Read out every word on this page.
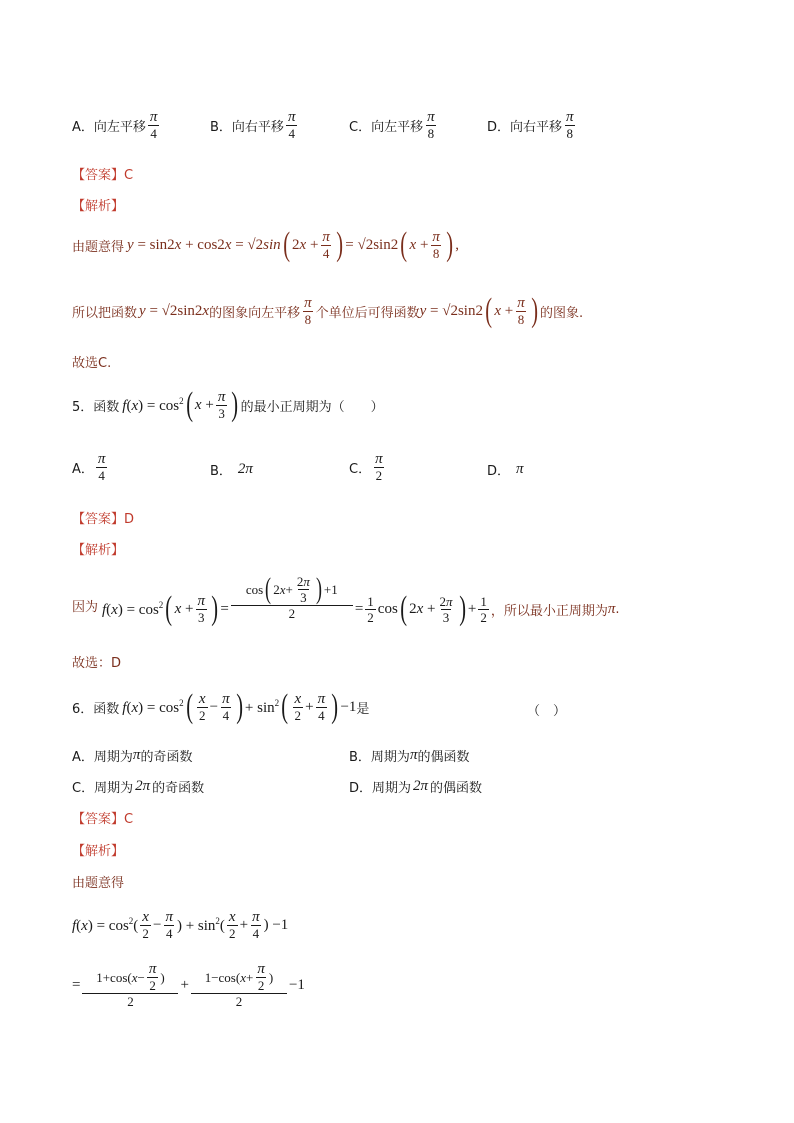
A． 向左平移 $\frac{\pi}{4}$	B． 向右平移 $\frac{\pi}{4}$	C． 向左平移 $\frac{\pi}{8}$	D． 向右平移 $\frac{\pi}{8}$
【答案】C
【解析】
由题意得 y = sin2x + cos2x = √2sin ( $2x + \frac{\pi}{4}$ ) = √2sin2 ( $x + \frac{\pi}{8}$ ) ,
所以把函数 y = √2sin2x 的图象向左平移 $\frac{\pi}{8}$ 个单位后可得函数 y = √2sin2 ( $x + \frac{\pi}{8}$ ) 的图象.
故选C.
5． 函数 $f(x) = \cos^2$ ( $x + \frac{\pi}{3}$ ) 的最小正周期为（　　）
A． $\frac{\pi}{4}$	B． 2π	C． $\frac{\pi}{2}$	D． π
【答案】D
【解析】
因为 $f(x) = \cos^2$ ( $x + \frac{\pi}{3}$ ) = $\frac{\cos ( 2 x + \frac{2\pi}{3} ) +1}{2} = \frac{1}{2}$ cos ( $2x + \frac{2\pi}{3}$ ) + $\frac{1}{2}$ ，所以最小正周期为 π .
故选：D
6． 函数 $f(x) = \cos^2$ ( $\frac{x}{2} - \frac{\pi}{4}$ ) + $\sin^2$ ( $\frac{x}{2} + \frac{\pi}{4}$ ) −1 是	（　）
A． 周期为 π 的奇函数	B． 周期为 π 的偶函数
C． 周期为 2π 的奇函数	D． 周期为 2π 的偶函数
【答案】C
【解析】
由题意得
$f(x) = \cos^2( \frac{x}{2} - \frac{\pi}{4}$ ) + $\sin^2( \frac{x}{2} + \frac{\pi}{4}$ ) −1
= $\frac{1+\cos( x - \frac{\pi}{2} )}{2} + \frac{1-\cos( x + \frac{\pi}{2} )}{2} -1$
